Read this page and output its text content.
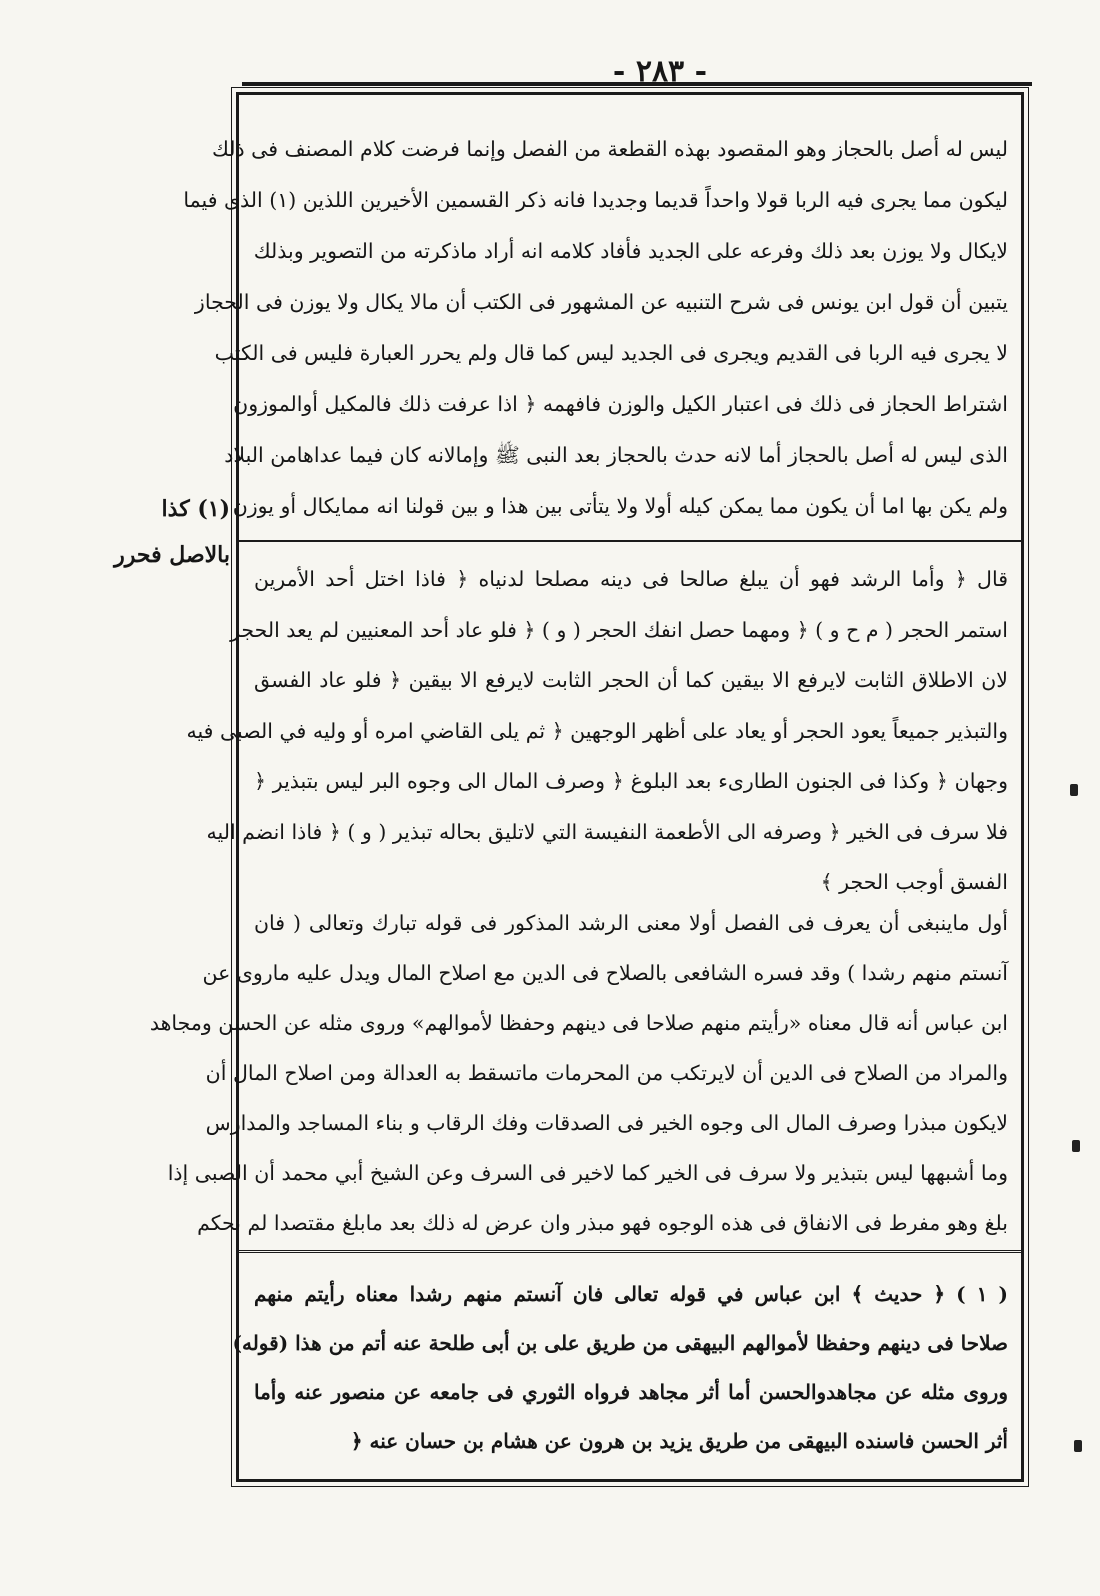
- ٢٨٣ -
ليس له أصل بالحجاز وهو المقصود بهذه القطعة من الفصل وإنما فرضت كلام المصنف فى ذلك
ليكون مما يجرى فيه الربا قولا واحداً قديما وجديدا فانه ذكر القسمين الأخيرين اللذين (١) الذى فيما
لايكال ولا يوزن بعد ذلك وفرعه على الجديد فأفاد كلامه انه أراد ماذكرته من التصوير وبذلك
يتبين أن قول ابن يونس فى شرح التنبيه عن المشهور فى الكتب أن مالا يكال ولا يوزن فى الحجاز
لا يجرى فيه الربا فى القديم ويجرى فى الجديد ليس كما قال ولم يحرر العبارة فليس فى الكتب
اشتراط الحجاز فى ذلك فى اعتبار الكيل والوزن فافهمه ﴿ اذا عرفت ذلك فالمكيل أوالموزون
الذى ليس له أصل بالحجاز أما لانه حدث بالحجاز بعد النبى ﷺ وإمالانه كان فيما عداهامن البلاد
ولم يكن بها اما أن يكون مما يمكن كيله أولا ولا يتأتى بين هذا و بين قولنا انه ممايكال أو يوزن
(١) كذا
بالاصل فحرر
قال ﴿ وأما الرشد فهو أن يبلغ صالحا فى دينه مصلحا لدنياه ﴿ فاذا اختل أحد الأمرين
استمر الحجر ( م ح و ) ﴿ ومهما حصل انفك الحجر ( و ) ﴿ فلو عاد أحد المعنيين لم يعد الحجر
لان الاطلاق الثابت لايرفع الا بيقين كما أن الحجر الثابت لايرفع الا بيقين ﴿ فلو عاد الفسق
والتبذير جميعاً يعود الحجر أو يعاد على أظهر الوجهين ﴿ ثم يلى القاضي امره أو وليه في الصبى فيه
وجهان ﴿ وكذا فى الجنون الطارىء بعد البلوغ ﴿ وصرف المال الى وجوه البر ليس بتبذير ﴿
فلا سرف فى الخير ﴿ وصرفه الى الأطعمة النفيسة التي لاتليق بحاله تبذير ( و ) ﴿ فاذا انضم اليه
الفسق أوجب الحجر ﴾
أول ماينبغى أن يعرف فى الفصل أولا معنى الرشد المذكور فى قوله تبارك وتعالى ( فان
آنستم منهم رشدا ) وقد فسره الشافعى بالصلاح فى الدين مع اصلاح المال ويدل عليه ماروى عن
ابن عباس أنه قال معناه «رأيتم منهم صلاحا فى دينهم وحفظا لأموالهم» وروى مثله عن الحسن ومجاهد
والمراد من الصلاح فى الدين أن لايرتكب من المحرمات ماتسقط به العدالة ومن اصلاح المال أن
لايكون مبذرا وصرف المال الى وجوه الخير فى الصدقات وفك الرقاب و بناء المساجد والمدارس
وما أشبهها ليس بتبذير ولا سرف فى الخير كما لاخير فى السرف وعن الشيخ أبي محمد أن الصبى إذا
بلغ وهو مفرط فى الانفاق فى هذه الوجوه فهو مبذر وان عرض له ذلك بعد مابلغ مقتصدا لم نحكم
( ١ ) ﴿ حديث ﴾ ابن عباس في قوله تعالى فان آنستم منهم رشدا معناه رأيتم منهم
صلاحا فى دينهم وحفظا لأموالهم البيهقى من طريق على بن أبى طلحة عنه أتم من هذا (قوله)
وروى مثله عن مجاهدوالحسن أما أثر مجاهد فرواه الثوري فى جامعه عن منصور عنه وأما
أثر الحسن فاسنده البيهقى من طريق يزيد بن هرون عن هشام بن حسان عنه ﴿
